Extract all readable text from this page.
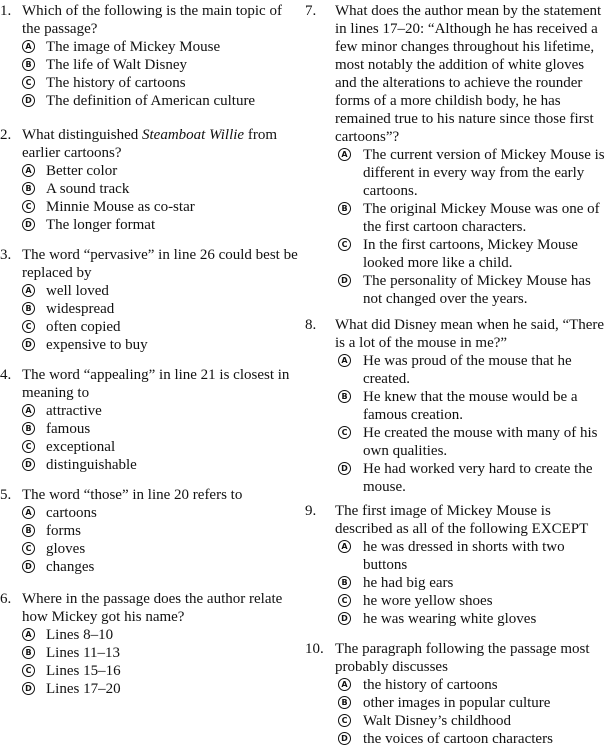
1. Which of the following is the main topic of the passage?
A The image of Mickey Mouse
B The life of Walt Disney
C The history of cartoons
D The definition of American culture
2. What distinguished Steamboat Willie from earlier cartoons?
A Better color
B A sound track
C Minnie Mouse as co-star
D The longer format
3. The word “pervasive” in line 26 could best be replaced by
A well loved
B widespread
C often copied
D expensive to buy
4. The word “appealing” in line 21 is closest in meaning to
A attractive
B famous
C exceptional
D distinguishable
5. The word “those” in line 20 refers to
A cartoons
B forms
C gloves
D changes
6. Where in the passage does the author relate how Mickey got his name?
A Lines 8–10
B Lines 11–13
C Lines 15–16
D Lines 17–20
7. What does the author mean by the statement in lines 17–20: “Although he has received a few minor changes throughout his lifetime, most notably the addition of white gloves and the alterations to achieve the rounder forms of a more childish body, he has remained true to his nature since those first cartoons”?
A The current version of Mickey Mouse is different in every way from the early cartoons.
B The original Mickey Mouse was one of the first cartoon characters.
C In the first cartoons, Mickey Mouse looked more like a child.
D The personality of Mickey Mouse has not changed over the years.
8. What did Disney mean when he said, “There is a lot of the mouse in me?”
A He was proud of the mouse that he created.
B He knew that the mouse would be a famous creation.
C He created the mouse with many of his own qualities.
D He had worked very hard to create the mouse.
9. The first image of Mickey Mouse is described as all of the following EXCEPT
A he was dressed in shorts with two buttons
B he had big ears
C he wore yellow shoes
D he was wearing white gloves
10. The paragraph following the passage most probably discusses
A the history of cartoons
B other images in popular culture
C Walt Disney’s childhood
D the voices of cartoon characters
